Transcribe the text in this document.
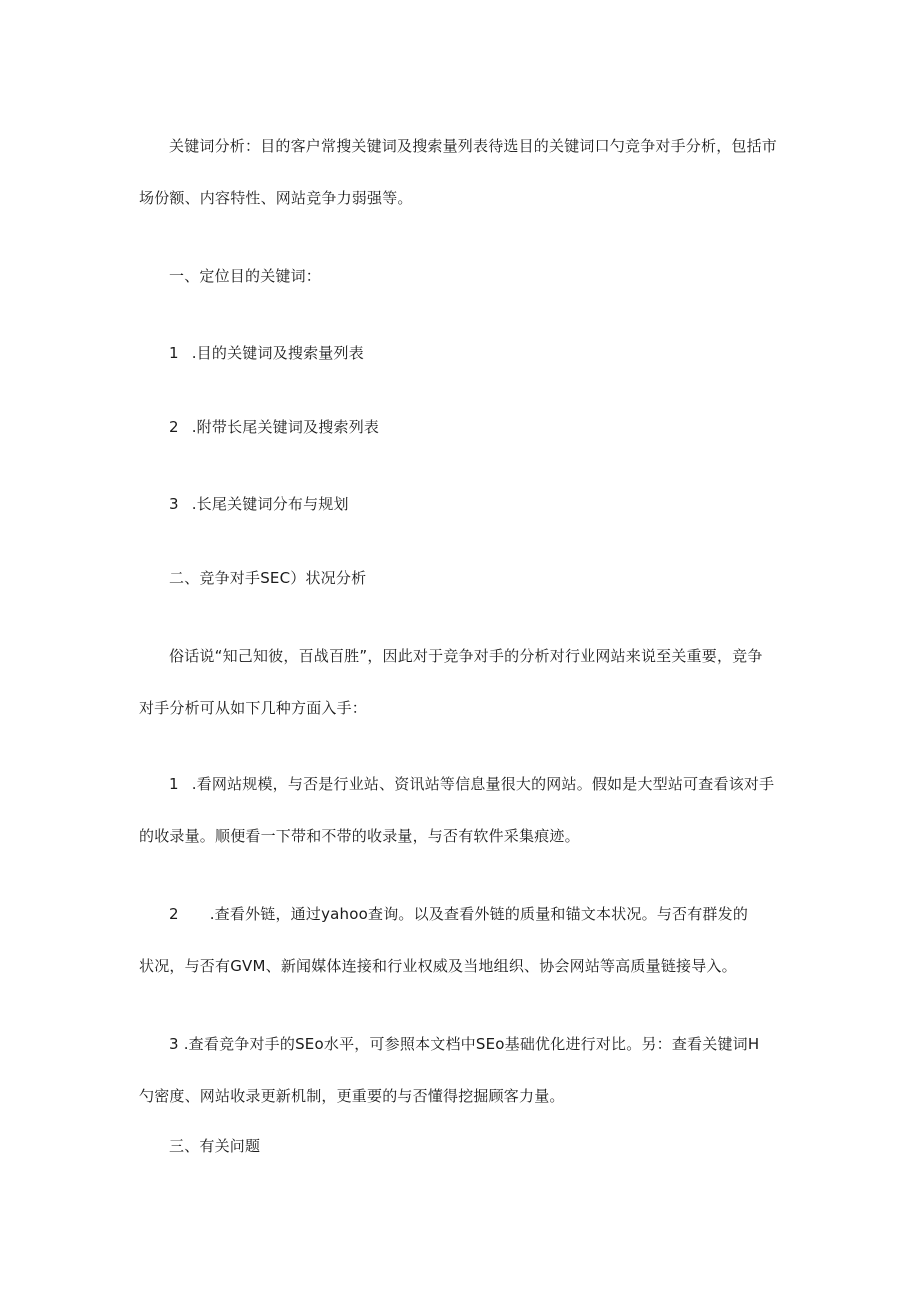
关键词分析：目的客户常搜关键词及搜索量列表待选目的关键词口勺竞争对手分析，包括市

场份额、内容特性、网站竞争力弱强等。

一、定位目的关键词：

1 .目的关键词及搜索量列表

2 .附带长尾关键词及搜索列表

3 .长尾关键词分布与规划

二、竞争对手SEC）状况分析

俗话说“知己知彼，百战百胜”，因此对于竞争对手的分析对行业网站来说至关重要，竞争

对手分析可从如下几种方面入手：

1 .看网站规模，与否是行业站、资讯站等信息量很大的网站。假如是大型站可查看该对手

的收录量。顺便看一下带和不带的收录量，与否有软件采集痕迹。

2 .查看外链，通过yahoo查询。以及查看外链的质量和锚文本状况。与否有群发的

状况，与否有GVM、新闻媒体连接和行业权威及当地组织、协会网站等高质量链接导入。

3 .查看竞争对手的SEo水平，可参照本文档中SEo基础优化进行对比。另：查看关键词H

勺密度、网站收录更新机制，更重要的与否懂得挖掘顾客力量。

三、有关问题
